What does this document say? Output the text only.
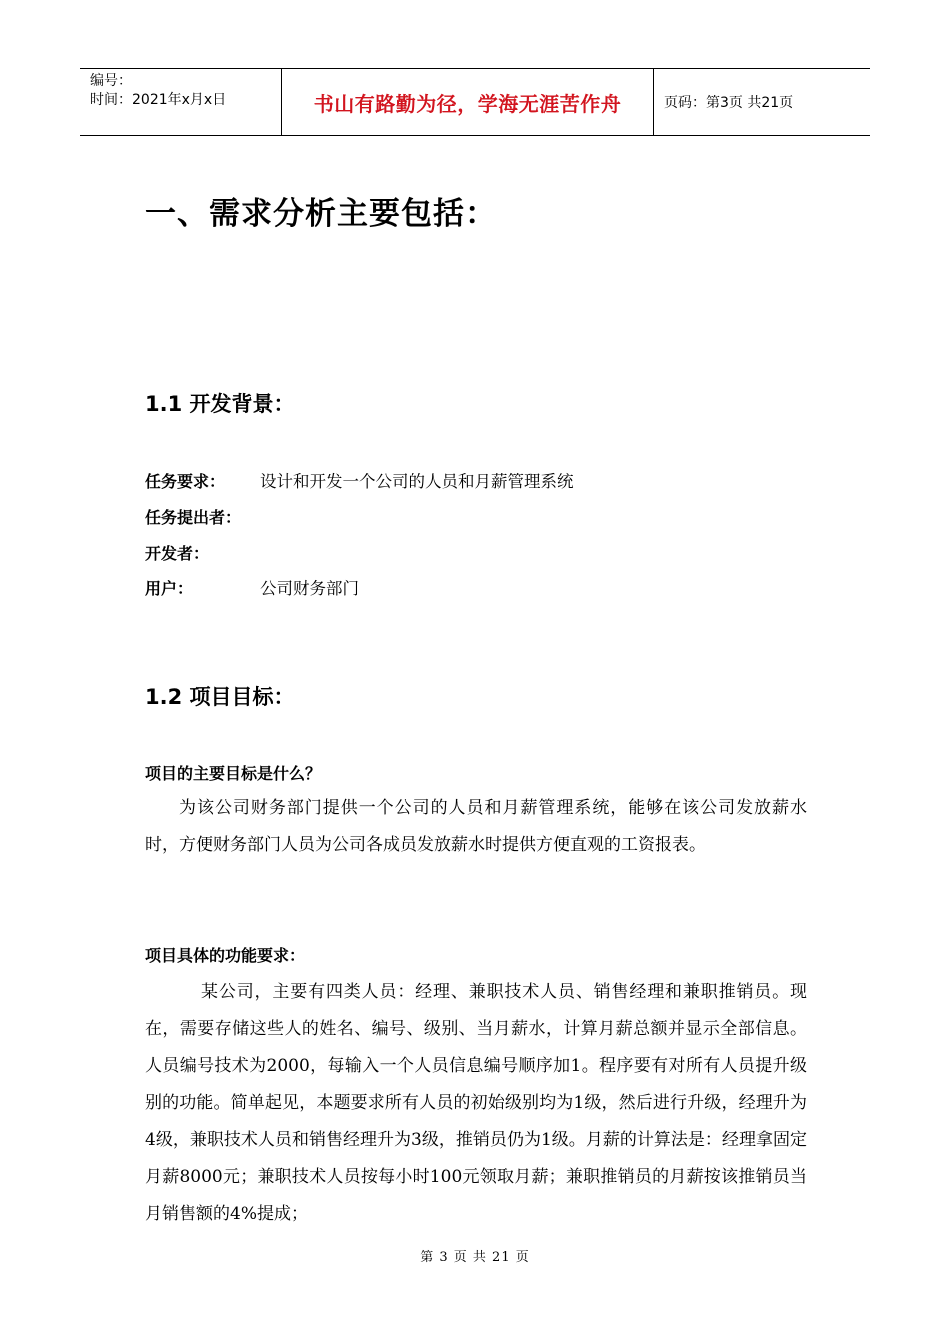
编号：
时间：2021年x月x日	书山有路勤为径，学海无涯苦作舟	页码：第3页 共21页
一、需求分析主要包括：
1.1 开发背景：
任务要求： 设计和开发一个公司的人员和月薪管理系统
任务提出者：
开发者：
用户：	公司财务部门
1.2 项目目标：
项目的主要目标是什么？

为该公司财务部门提供一个公司的人员和月薪管理系统，能够在该公司发放薪水时，方便财务部门人员为公司各成员发放薪水时提供方便直观的工资报表。

项目具体的功能要求：

某公司，主要有四类人员：经理、兼职技术人员、销售经理和兼职推销员。现在，需要存储这些人的姓名、编号、级别、当月薪水，计算月薪总额并显示全部信息。人员编号技术为2000，每输入一个人员信息编号顺序加1。程序要有对所有人员提升级别的功能。简单起见，本题要求所有人员的初始级别均为1级，然后进行升级，经理升为4级，兼职技术人员和销售经理升为3级，推销员仍为1级。月薪的计算法是：经理拿固定月薪8000元；兼职技术人员按每小时100元领取月薪；兼职推销员的月薪按该推销员当月销售额的4%提成；

第 3 页 共 21 页
